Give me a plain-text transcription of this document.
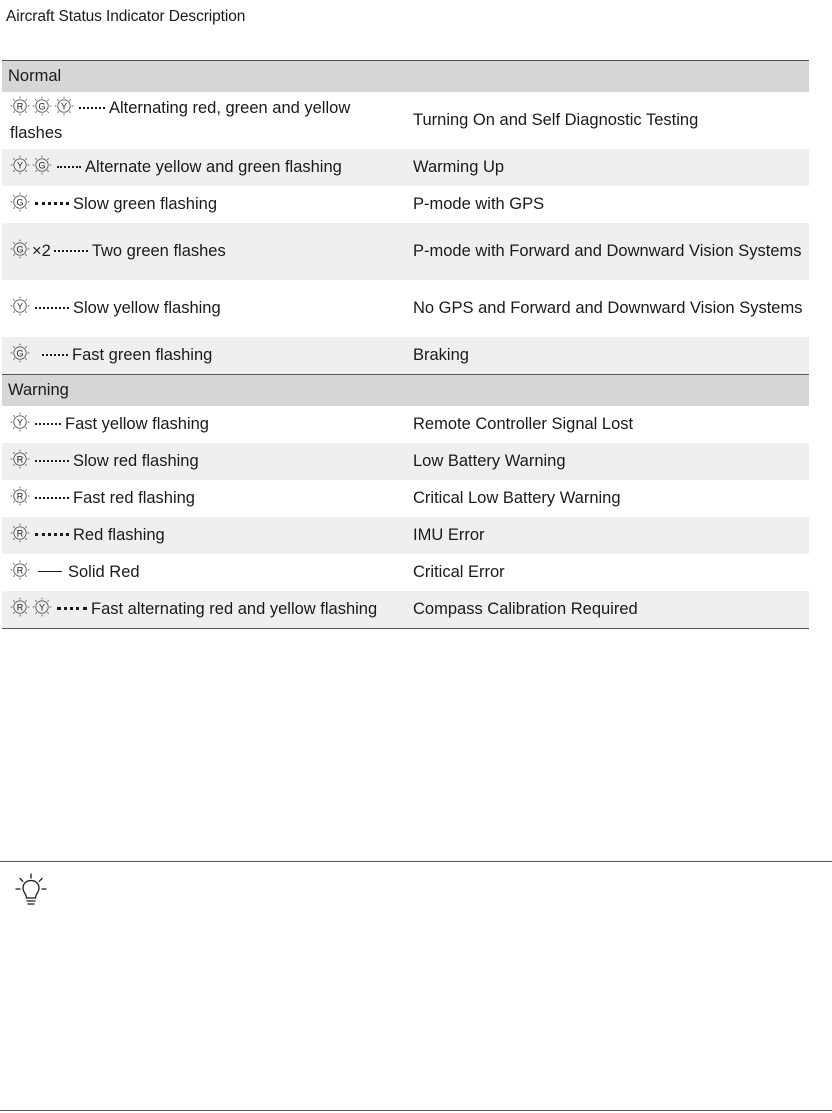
Aircraft Status Indicator Description
Normal	

R G Y Alternating red, green and yellow flashes	Turning On and Self Diagnostic Testing

Y G Alternate yellow and green flashing	Warming Up

G Slow green flashing	P-mode with GPS

G ×2 Two green flashes	P-mode with Forward and Downward Vision Systems

Y Slow yellow flashing	No GPS and Forward and Downward Vision Systems

G Fast green flashing	Braking
Warning	

Y Fast yellow flashing	Remote Controller Signal Lost

R Slow red flashing	Low Battery Warning

R Fast red flashing	Critical Low Battery Warning

R Red flashing	IMU Error

R Solid Red	Critical Error

R Y Fast alternating red and yellow flashing	Compass Calibration Required
